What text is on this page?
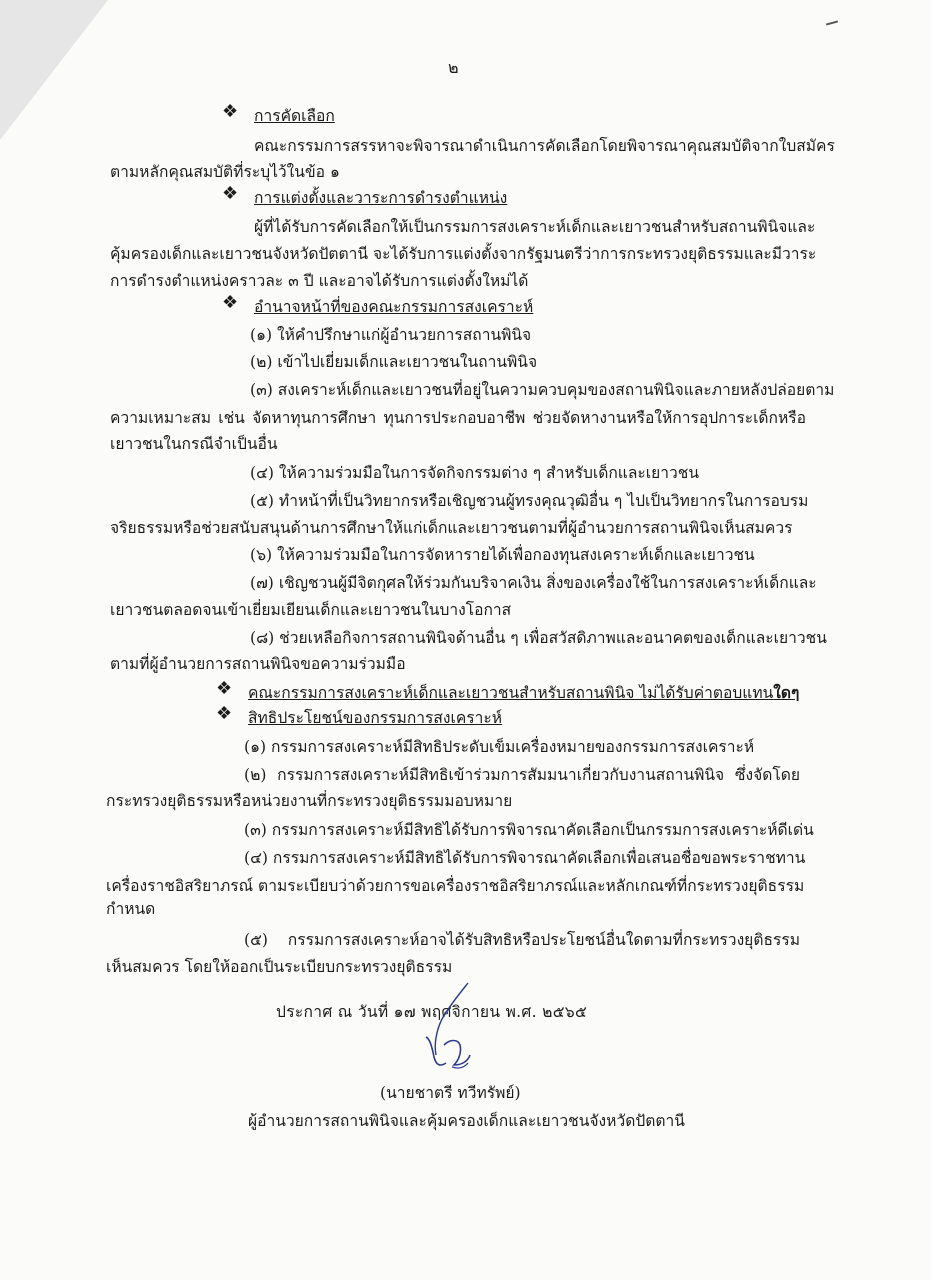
๒
❖ การคัดเลือก
คณะกรรมการสรรหาจะพิจารณาดำเนินการคัดเลือกโดยพิจารณาคุณสมบัติจากใบสมัคร
ตามหลักคุณสมบัติที่ระบุไว้ในข้อ ๑
❖ การแต่งตั้งและวาระการดำรงตำแหน่ง
ผู้ที่ได้รับการคัดเลือกให้เป็นกรรมการสงเคราะห์เด็กและเยาวชนสำหรับสถานพินิจและ
คุ้มครองเด็กและเยาวชนจังหวัดปัตตานี จะได้รับการแต่งตั้งจากรัฐมนตรีว่าการกระทรวงยุติธรรมและมีวาระ
การดำรงตำแหน่งคราวละ ๓ ปี และอาจได้รับการแต่งตั้งใหม่ได้
❖ อำนาจหน้าที่ของคณะกรรมการสงเคราะห์
(๑) ให้คำปรึกษาแก่ผู้อำนวยการสถานพินิจ
(๒) เข้าไปเยี่ยมเด็กและเยาวชนในถานพินิจ
(๓) สงเคราะห์เด็กและเยาวชนที่อยู่ในความควบคุมของสถานพินิจและภายหลังปล่อยตาม
ความเหมาะสม เช่น จัดหาทุนการศึกษา ทุนการประกอบอาชีพ ช่วยจัดหางานหรือให้การอุปการะเด็กหรือ
เยาวชนในกรณีจำเป็นอื่น
(๔) ให้ความร่วมมือในการจัดกิจกรรมต่าง ๆ สำหรับเด็กและเยาวชน
(๕) ทำหน้าที่เป็นวิทยากรหรือเชิญชวนผู้ทรงคุณวุฒิอื่น ๆ ไปเป็นวิทยากรในการอบรม
จริยธรรมหรือช่วยสนับสนุนด้านการศึกษาให้แก่เด็กและเยาวชนตามที่ผู้อำนวยการสถานพินิจเห็นสมควร
(๖) ให้ความร่วมมือในการจัดหารายได้เพื่อกองทุนสงเคราะห์เด็กและเยาวชน
(๗) เชิญชวนผู้มีจิตกุศลให้ร่วมกันบริจาคเงิน สิ่งของเครื่องใช้ในการสงเคราะห์เด็กและ
เยาวชนตลอดจนเข้าเยี่ยมเยียนเด็กและเยาวชนในบางโอกาส
(๘) ช่วยเหลือกิจการสถานพินิจด้านอื่น ๆ เพื่อสวัสดิภาพและอนาคตของเด็กและเยาวชน
ตามที่ผู้อำนวยการสถานพินิจขอความร่วมมือ
❖ คณะกรรมการสงเคราะห์เด็กและเยาวชนสำหรับสถานพินิจ ไม่ได้รับค่าตอบแทนใดๆ
❖ สิทธิประโยชน์ของกรรมการสงเคราะห์
(๑) กรรมการสงเคราะห์มีสิทธิประดับเข็มเครื่องหมายของกรรมการสงเคราะห์
(๒) กรรมการสงเคราะห์มีสิทธิเข้าร่วมการสัมมนาเกี่ยวกับงานสถานพินิจ ซึ่งจัดโดย
กระทรวงยุติธรรมหรือหน่วยงานที่กระทรวงยุติธรรมมอบหมาย
(๓) กรรมการสงเคราะห์มีสิทธิได้รับการพิจารณาคัดเลือกเป็นกรรมการสงเคราะห์ดีเด่น
(๔) กรรมการสงเคราะห์มีสิทธิได้รับการพิจารณาคัดเลือกเพื่อเสนอชื่อขอพระราชทาน
เครื่องราชอิสริยาภรณ์ ตามระเบียบว่าด้วยการขอเครื่องราชอิสริยาภรณ์และหลักเกณฑ์ที่กระทรวงยุติธรรม
กำหนด
(๕) กรรมการสงเคราะห์อาจได้รับสิทธิหรือประโยชน์อื่นใดตามที่กระทรวงยุติธรรม
เห็นสมควร โดยให้ออกเป็นระเบียบกระทรวงยุติธรรม
ประกาศ ณ วันที่ ๑๗ พฤศจิกายน พ.ศ. ๒๕๖๕
(นายชาตรี ทวีทรัพย์)
ผู้อำนวยการสถานพินิจและคุ้มครองเด็กและเยาวชนจังหวัดปัตตานี
